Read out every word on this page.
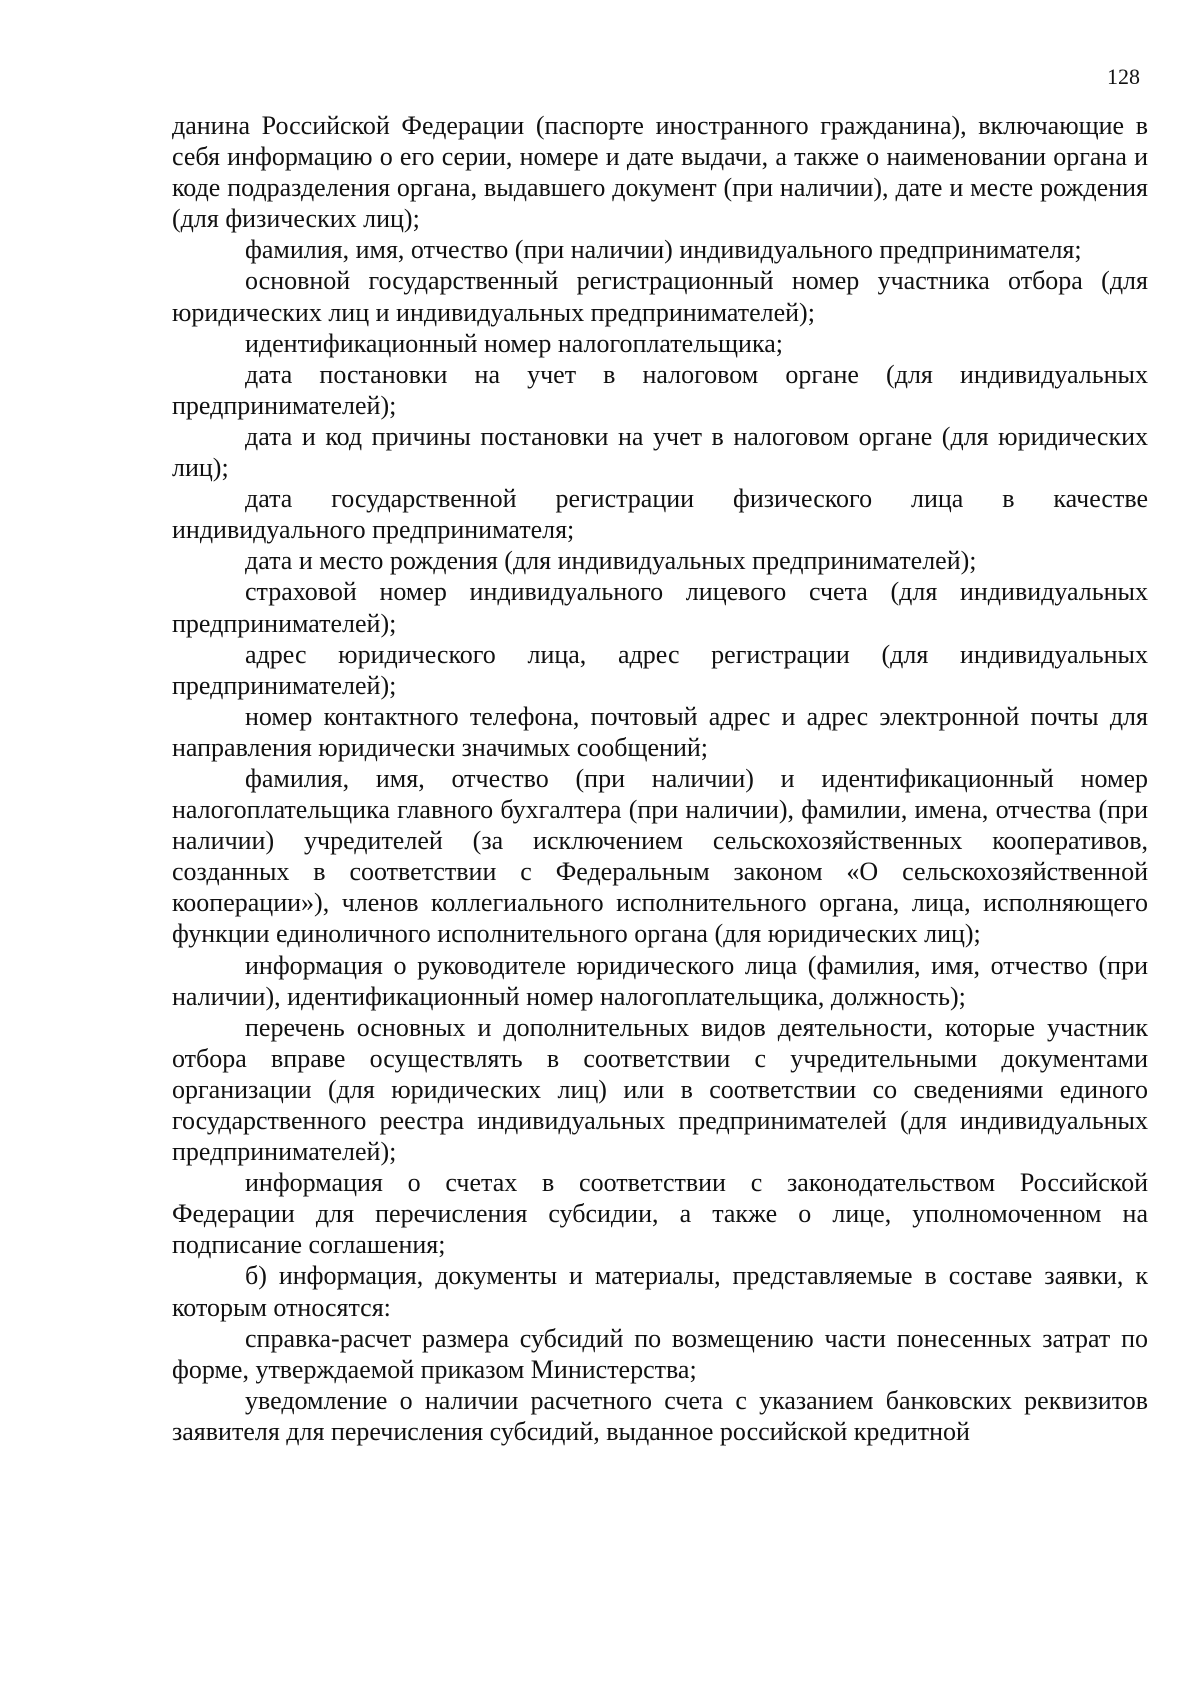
128

данина Российской Федерации (паспорте иностранного гражданина), включающие в себя информацию о его серии, номере и дате выдачи, а также о наименовании органа и коде подразделения органа, выдавшего документ (при наличии), дате и месте рождения (для физических лиц);

фамилия, имя, отчество (при наличии) индивидуального предпринимателя;

основной государственный регистрационный номер участника отбора (для юридических лиц и индивидуальных предпринимателей);

идентификационный номер налогоплательщика;

дата постановки на учет в налоговом органе (для индивидуальных предпринимателей);

дата и код причины постановки на учет в налоговом органе (для юридических лиц);

дата государственной регистрации физического лица в качестве индивидуального предпринимателя;

дата и место рождения (для индивидуальных предпринимателей);

страховой номер индивидуального лицевого счета (для индивидуальных предпринимателей);

адрес юридического лица, адрес регистрации (для индивидуальных предпринимателей);

номер контактного телефона, почтовый адрес и адрес электронной почты для направления юридически значимых сообщений;

фамилия, имя, отчество (при наличии) и идентификационный номер налогоплательщика главного бухгалтера (при наличии), фамилии, имена, отчества (при наличии) учредителей (за исключением сельскохозяйственных кооперативов, созданных в соответствии с Федеральным законом «О сельскохозяйственной кооперации»), членов коллегиального исполнительного органа, лица, исполняющего функции единоличного исполнительного органа (для юридических лиц);

информация о руководителе юридического лица (фамилия, имя, отчество (при наличии), идентификационный номер налогоплательщика, должность);

перечень основных и дополнительных видов деятельности, которые участник отбора вправе осуществлять в соответствии с учредительными документами организации (для юридических лиц) или в соответствии со сведениями единого государственного реестра индивидуальных предпринимателей (для индивидуальных предпринимателей);

информация о счетах в соответствии с законодательством Российской Федерации для перечисления субсидии, а также о лице, уполномоченном на подписание соглашения;

б) информация, документы и материалы, представляемые в составе заявки, к которым относятся:

справка-расчет размера субсидий по возмещению части понесенных затрат по форме, утверждаемой приказом Министерства;

уведомление о наличии расчетного счета с указанием банковских реквизитов заявителя для перечисления субсидий, выданное российской кредитной
